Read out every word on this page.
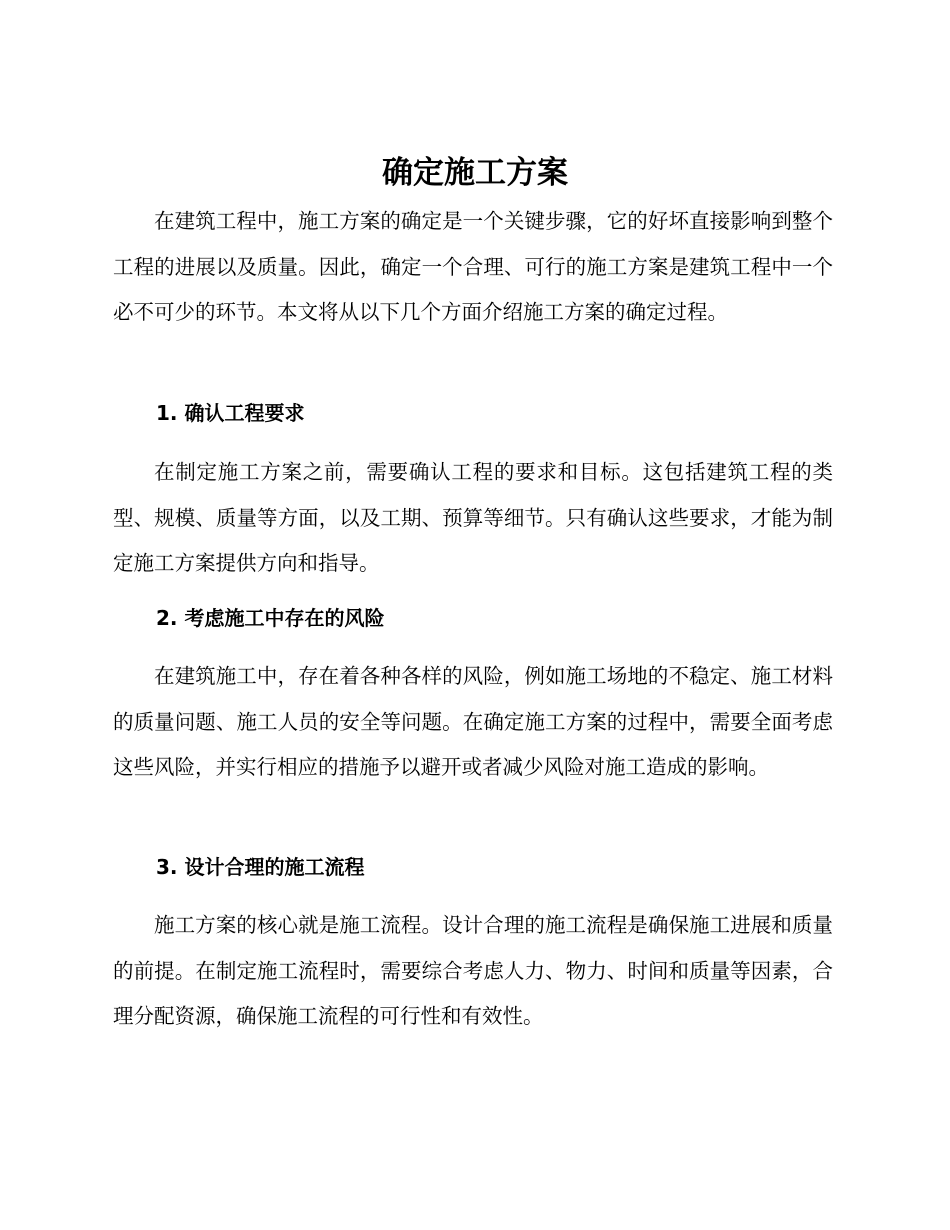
确定施工方案

在建筑工程中，施工方案的确定是一个关键步骤，它的好坏直接影响到整个工程的进展以及质量。因此，确定一个合理、可行的施工方案是建筑工程中一个必不可少的环节。本文将从以下几个方面介绍施工方案的确定过程。

1. 确认工程要求

在制定施工方案之前，需要确认工程的要求和目标。这包括建筑工程的类型、规模、质量等方面，以及工期、预算等细节。只有确认这些要求，才能为制定施工方案提供方向和指导。

2. 考虑施工中存在的风险

在建筑施工中，存在着各种各样的风险，例如施工场地的不稳定、施工材料的质量问题、施工人员的安全等问题。在确定施工方案的过程中，需要全面考虑这些风险，并实行相应的措施予以避开或者减少风险对施工造成的影响。

3. 设计合理的施工流程

施工方案的核心就是施工流程。设计合理的施工流程是确保施工进展和质量的前提。在制定施工流程时，需要综合考虑人力、物力、时间和质量等因素，合理分配资源，确保施工流程的可行性和有效性。
